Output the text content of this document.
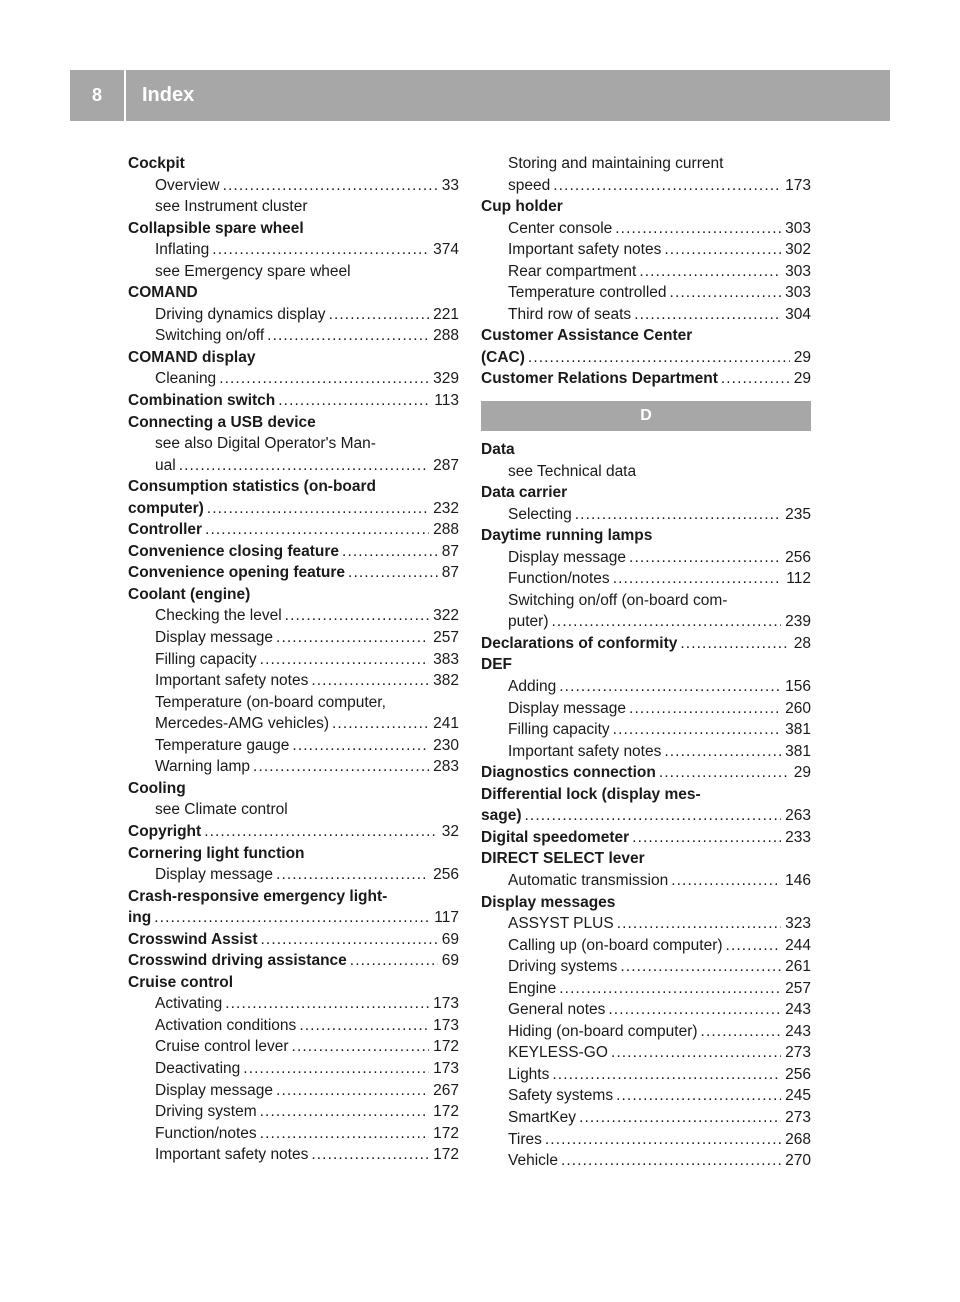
8	Index
Cockpit
Overview . . .	33
see Instrument cluster
Collapsible spare wheel
Inflating . . .	374
see Emergency spare wheel
COMAND
Driving dynamics display . . .	221
Switching on/off . . .	288
COMAND display
Cleaning . . .	329
Combination switch . . .	113
Connecting a USB device
see also Digital Operator's Man-
ual . . .	287
Consumption statistics (on-board
computer) . . .	232
Controller . . .	288
Convenience closing feature . . .	87
Convenience opening feature . . .	87
Coolant (engine)
Checking the level . . .	322
Display message . . .	257
Filling capacity . . .	383
Important safety notes . . .	382
Temperature (on-board computer,
Mercedes-AMG vehicles) . . .	241
Temperature gauge . . .	230
Warning lamp . . .	283
Cooling
see Climate control
Copyright . . .	32
Cornering light function
Display message . . .	256
Crash-responsive emergency light-
ing . . .	117
Crosswind Assist . . .	69
Crosswind driving assistance . . .	69
Cruise control
Activating . . .	173
Activation conditions . . .	173
Cruise control lever . . .	172
Deactivating . . .	173
Display message . . .	267
Driving system . . .	172
Function/notes . . .	172
Important safety notes . . .	172
Storing and maintaining current
speed . . .	173
Cup holder
Center console . . .	303
Important safety notes . . .	302
Rear compartment . . .	303
Temperature controlled . . .	303
Third row of seats . . .	304
Customer Assistance Center
(CAC) . . .	29
Customer Relations Department . . .	29
D
Data
see Technical data
Data carrier
Selecting . . .	235
Daytime running lamps
Display message . . .	256
Function/notes . . .	112
Switching on/off (on-board com-
puter) . . .	239
Declarations of conformity . . .	28
DEF
Adding . . .	156
Display message . . .	260
Filling capacity . . .	381
Important safety notes . . .	381
Diagnostics connection . . .	29
Differential lock (display mes-
sage) . . .	263
Digital speedometer . . .	233
DIRECT SELECT lever
Automatic transmission . . .	146
Display messages
ASSYST PLUS . . .	323
Calling up (on-board computer) . . .	244
Driving systems . . .	261
Engine . . .	257
General notes . . .	243
Hiding (on-board computer) . . .	243
KEYLESS-GO . . .	273
Lights . . .	256
Safety systems . . .	245
SmartKey . . .	273
Tires . . .	268
Vehicle . . .	270
